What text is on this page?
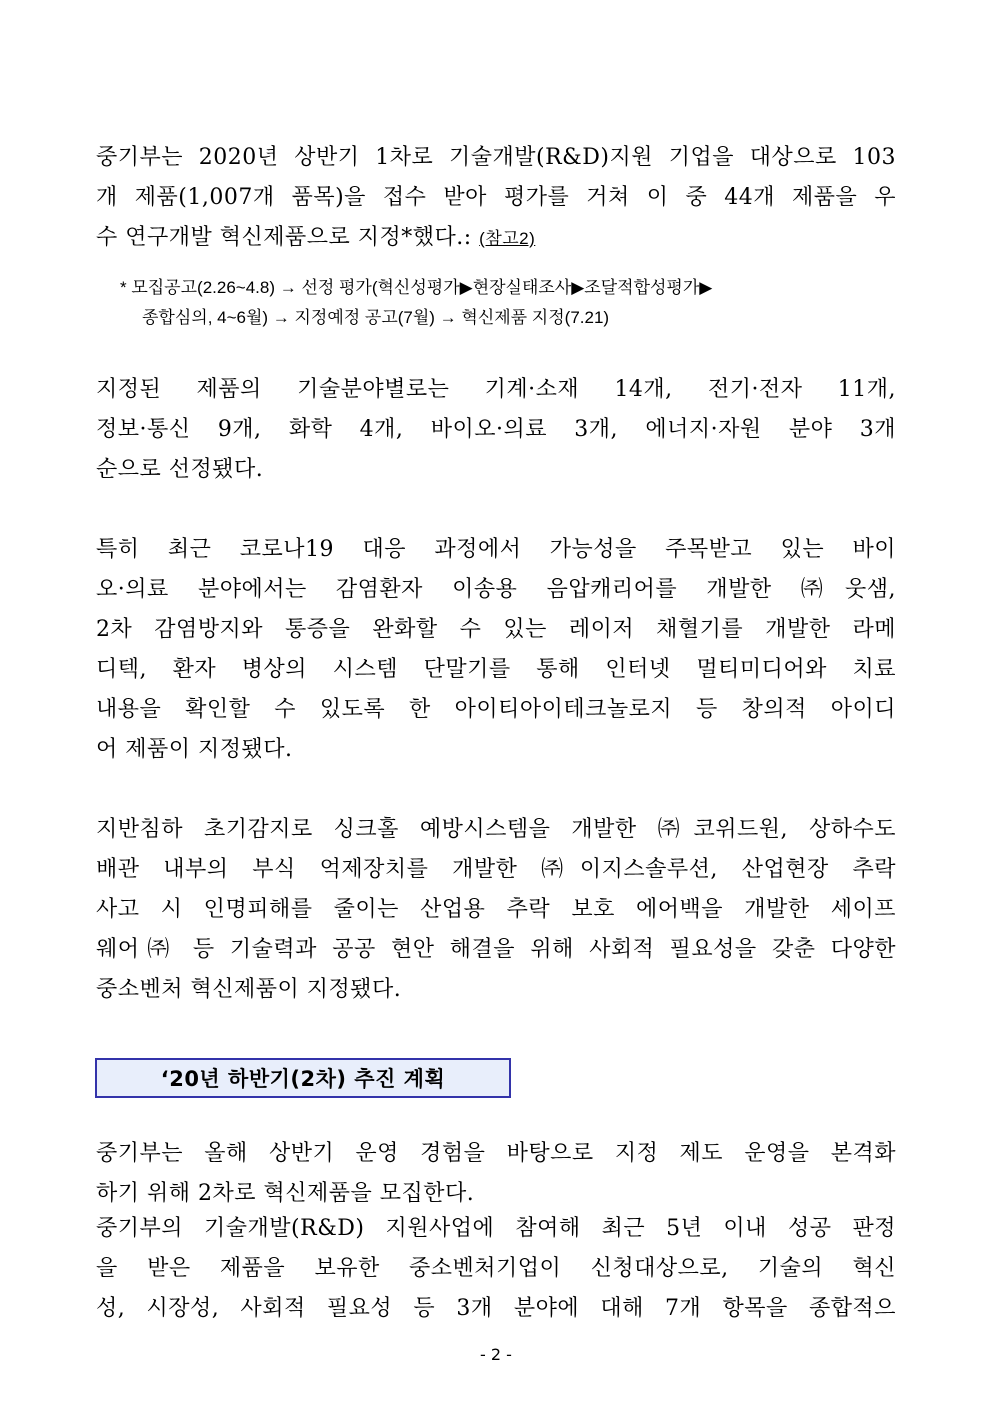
중기부는 2020년 상반기 1차로 기술개발(R&D)지원 기업을 대상으로 103
개 제품(1,007개 품목)을 접수 받아 평가를 거쳐 이 중 44개 제품을 우
수 연구개발 혁신제품으로 지정*했다.: (참고2)
* 모집공고(2.26~4.8) → 선정 평가(혁신성평가▶현장실태조사▶조달적합성평가▶
종합심의, 4~6월) → 지정예정 공고(7월) → 혁신제품 지정(7.21)
지정된 제품의 기술분야별로는 기계·소재 14개, 전기·전자 11개,
정보·통신 9개, 화학 4개, 바이오·의료 3개, 에너지·자원 분야 3개
순으로 선정됐다.
특히 최근 코로나19 대응 과정에서 가능성을 주목받고 있는 바이
오·의료 분야에서는 감염환자 이송용 음압캐리어를 개발한 ㈜웃샘,
2차 감염방지와 통증을 완화할 수 있는 레이저 채혈기를 개발한 라메
디텍, 환자 병상의 시스템 단말기를 통해 인터넷 멀티미디어와 치료
내용을 확인할 수 있도록 한 아이티아이테크놀로지 등 창의적 아이디
어 제품이 지정됐다.
지반침하 초기감지로 싱크홀 예방시스템을 개발한 ㈜코위드원, 상하수도
배관 내부의 부식 억제장치를 개발한 ㈜이지스솔루션, 산업현장 추락
사고 시 인명피해를 줄이는 산업용 추락 보호 에어백을 개발한 세이프
웨어㈜ 등 기술력과 공공 현안 해결을 위해 사회적 필요성을 갖춘 다양한
중소벤처 혁신제품이 지정됐다.
‘20년 하반기(2차) 추진 계획
중기부는 올해 상반기 운영 경험을 바탕으로 지정 제도 운영을 본격화
하기 위해 2차로 혁신제품을 모집한다.
중기부의 기술개발(R&D) 지원사업에 참여해 최근 5년 이내 성공 판정
을 받은 제품을 보유한 중소벤처기업이 신청대상으로, 기술의 혁신
성, 시장성, 사회적 필요성 등 3개 분야에 대해 7개 항목을 종합적으
- 2 -
